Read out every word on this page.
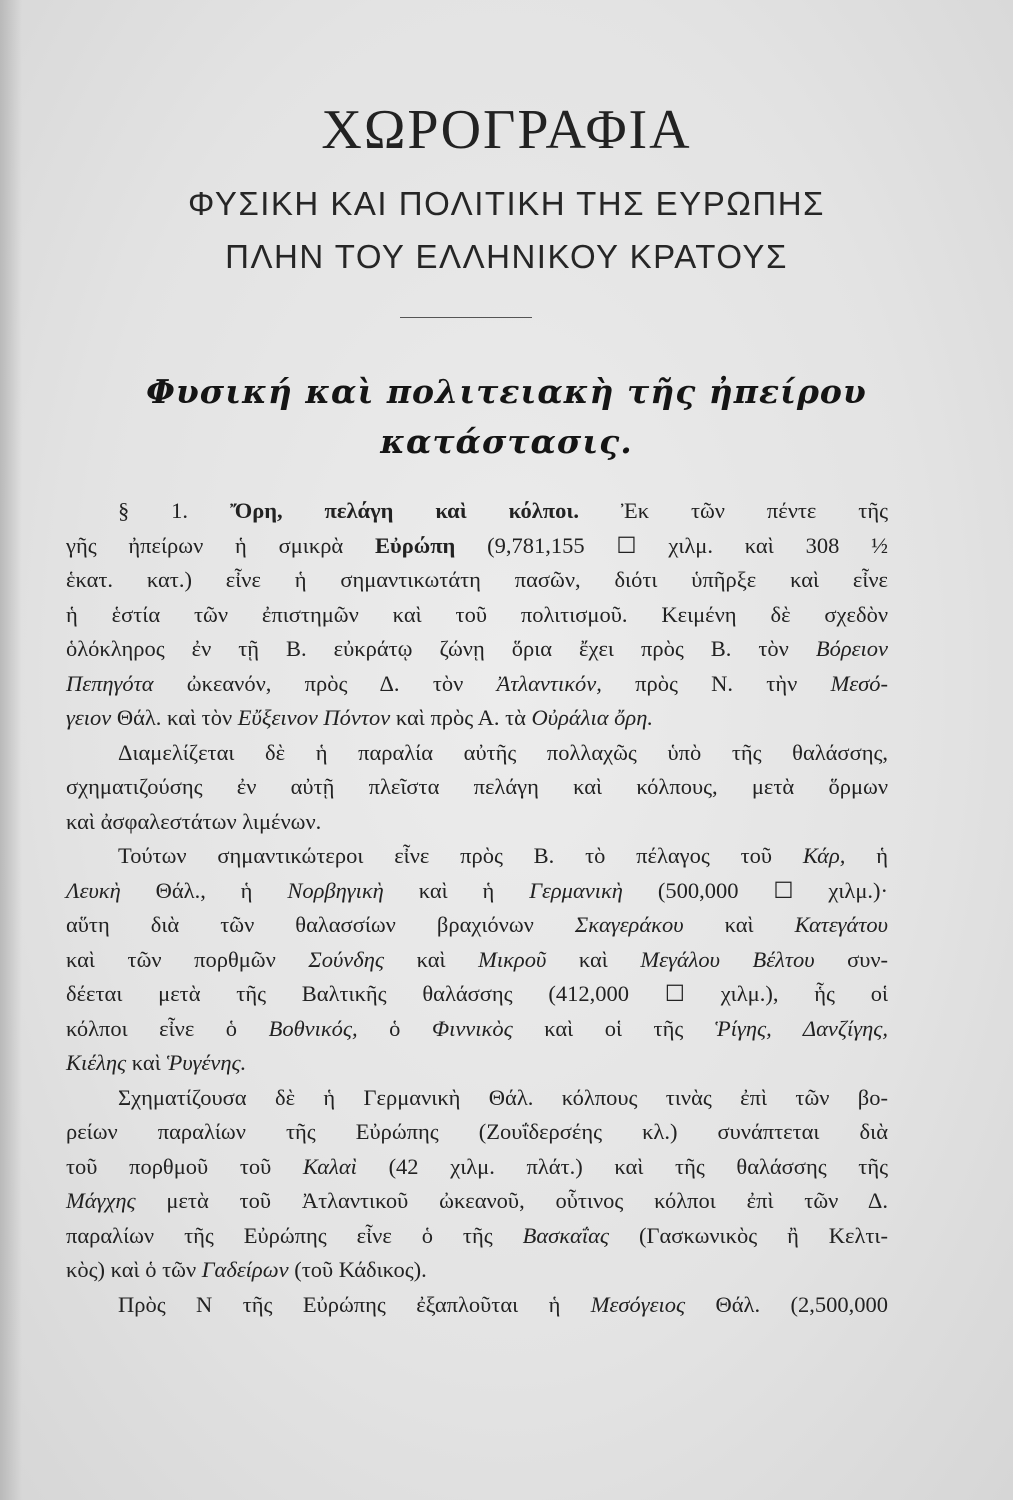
ΧΩΡΟΓΡΑΦΙΑ
ΦΥΣΙΚΗ ΚΑΙ ΠΟΛΙΤΙΚΗ ΤΗΣ ΕΥΡΩΠΗΣ
ΠΛΗΝ ΤΟΥ ΕΛΛΗΝΙΚΟΥ ΚΡΑΤΟΥΣ
Φυσική καὶ πολιτειακὴ τῆς ἠπείρου
κατάστασις.
§ 1. Ὄρη, πελάγη καὶ κόλποι. Ἐκ τῶν πέντε τῆς
γῆς ἠπείρων ἡ σμικρὰ Εὐρώπη (9,781,155 ☐ χιλμ. καὶ 308 ½
ἑκατ. κατ.) εἶνε ἡ σημαντικωτάτη πασῶν, διότι ὑπῆρξε καὶ εἶνε
ἡ ἑστία τῶν ἐπιστημῶν καὶ τοῦ πολιτισμοῦ. Κειμένη δὲ σχεδὸν
ὁλόκληρος ἐν τῇ Β. εὐκράτῳ ζώνῃ ὅρια ἔχει πρὸς Β. τὸν Βόρειον
Πεπηγότα ὠκεανόν, πρὸς Δ. τὸν Ἀτλαντικόν, πρὸς Ν. τὴν Μεσό-
γειον Θάλ. καὶ τὸν Εὔξεινον Πόντον καὶ πρὸς Α. τὰ Οὐράλια ὄρη.
Διαμελίζεται δὲ ἡ παραλία αὐτῆς πολλαχῶς ὑπὸ τῆς θαλάσσης,
σχηματιζούσης ἐν αὐτῇ πλεῖστα πελάγη καὶ κόλπους, μετὰ ὅρμων
καὶ ἀσφαλεστάτων λιμένων.
Τούτων σημαντικώτεροι εἶνε πρὸς Β. τὸ πέλαγος τοῦ Κάρ, ἡ
Λευκὴ Θάλ., ἡ Νορβηγικὴ καὶ ἡ Γερμανικὴ (500,000 ☐ χιλμ.)·
αὕτη διὰ τῶν θαλασσίων βραχιόνων Σκαγεράκου καὶ Κατεγάτου
καὶ τῶν πορθμῶν Σούνδης καὶ Μικροῦ καὶ Μεγάλου Βέλτου συν-
δέεται μετὰ τῆς Βαλτικῆς θαλάσσης (412,000 ☐ χιλμ.), ἧς οἱ
κόλποι εἶνε ὁ Βοθνικός, ὁ Φιννικὸς καὶ οἱ τῆς Ῥίγης, Δανζίγης,
Κιέλης καὶ Ῥυγένης.
Σχηματίζουσα δὲ ἡ Γερμανικὴ Θάλ. κόλπους τινὰς ἐπὶ τῶν βο-
ρείων παραλίων τῆς Εὐρώπης (Ζουΐδερσέης κλ.) συνάπτεται διὰ
τοῦ πορθμοῦ τοῦ Καλαὶ (42 χιλμ. πλάτ.) καὶ τῆς θαλάσσης τῆς
Μάγχης μετὰ τοῦ Ἀτλαντικοῦ ὠκεανοῦ, οὗτινος κόλποι ἐπὶ τῶν Δ.
παραλίων τῆς Εὐρώπης εἶνε ὁ τῆς Βασκαΐας (Γασκωνικὸς ἢ Κελτι-
κὸς) καὶ ὁ τῶν Γαδείρων (τοῦ Κάδικος).
Πρὸς Ν τῆς Εὐρώπης ἐξαπλοῦται ἡ Μεσόγειος Θάλ. (2,500,000
